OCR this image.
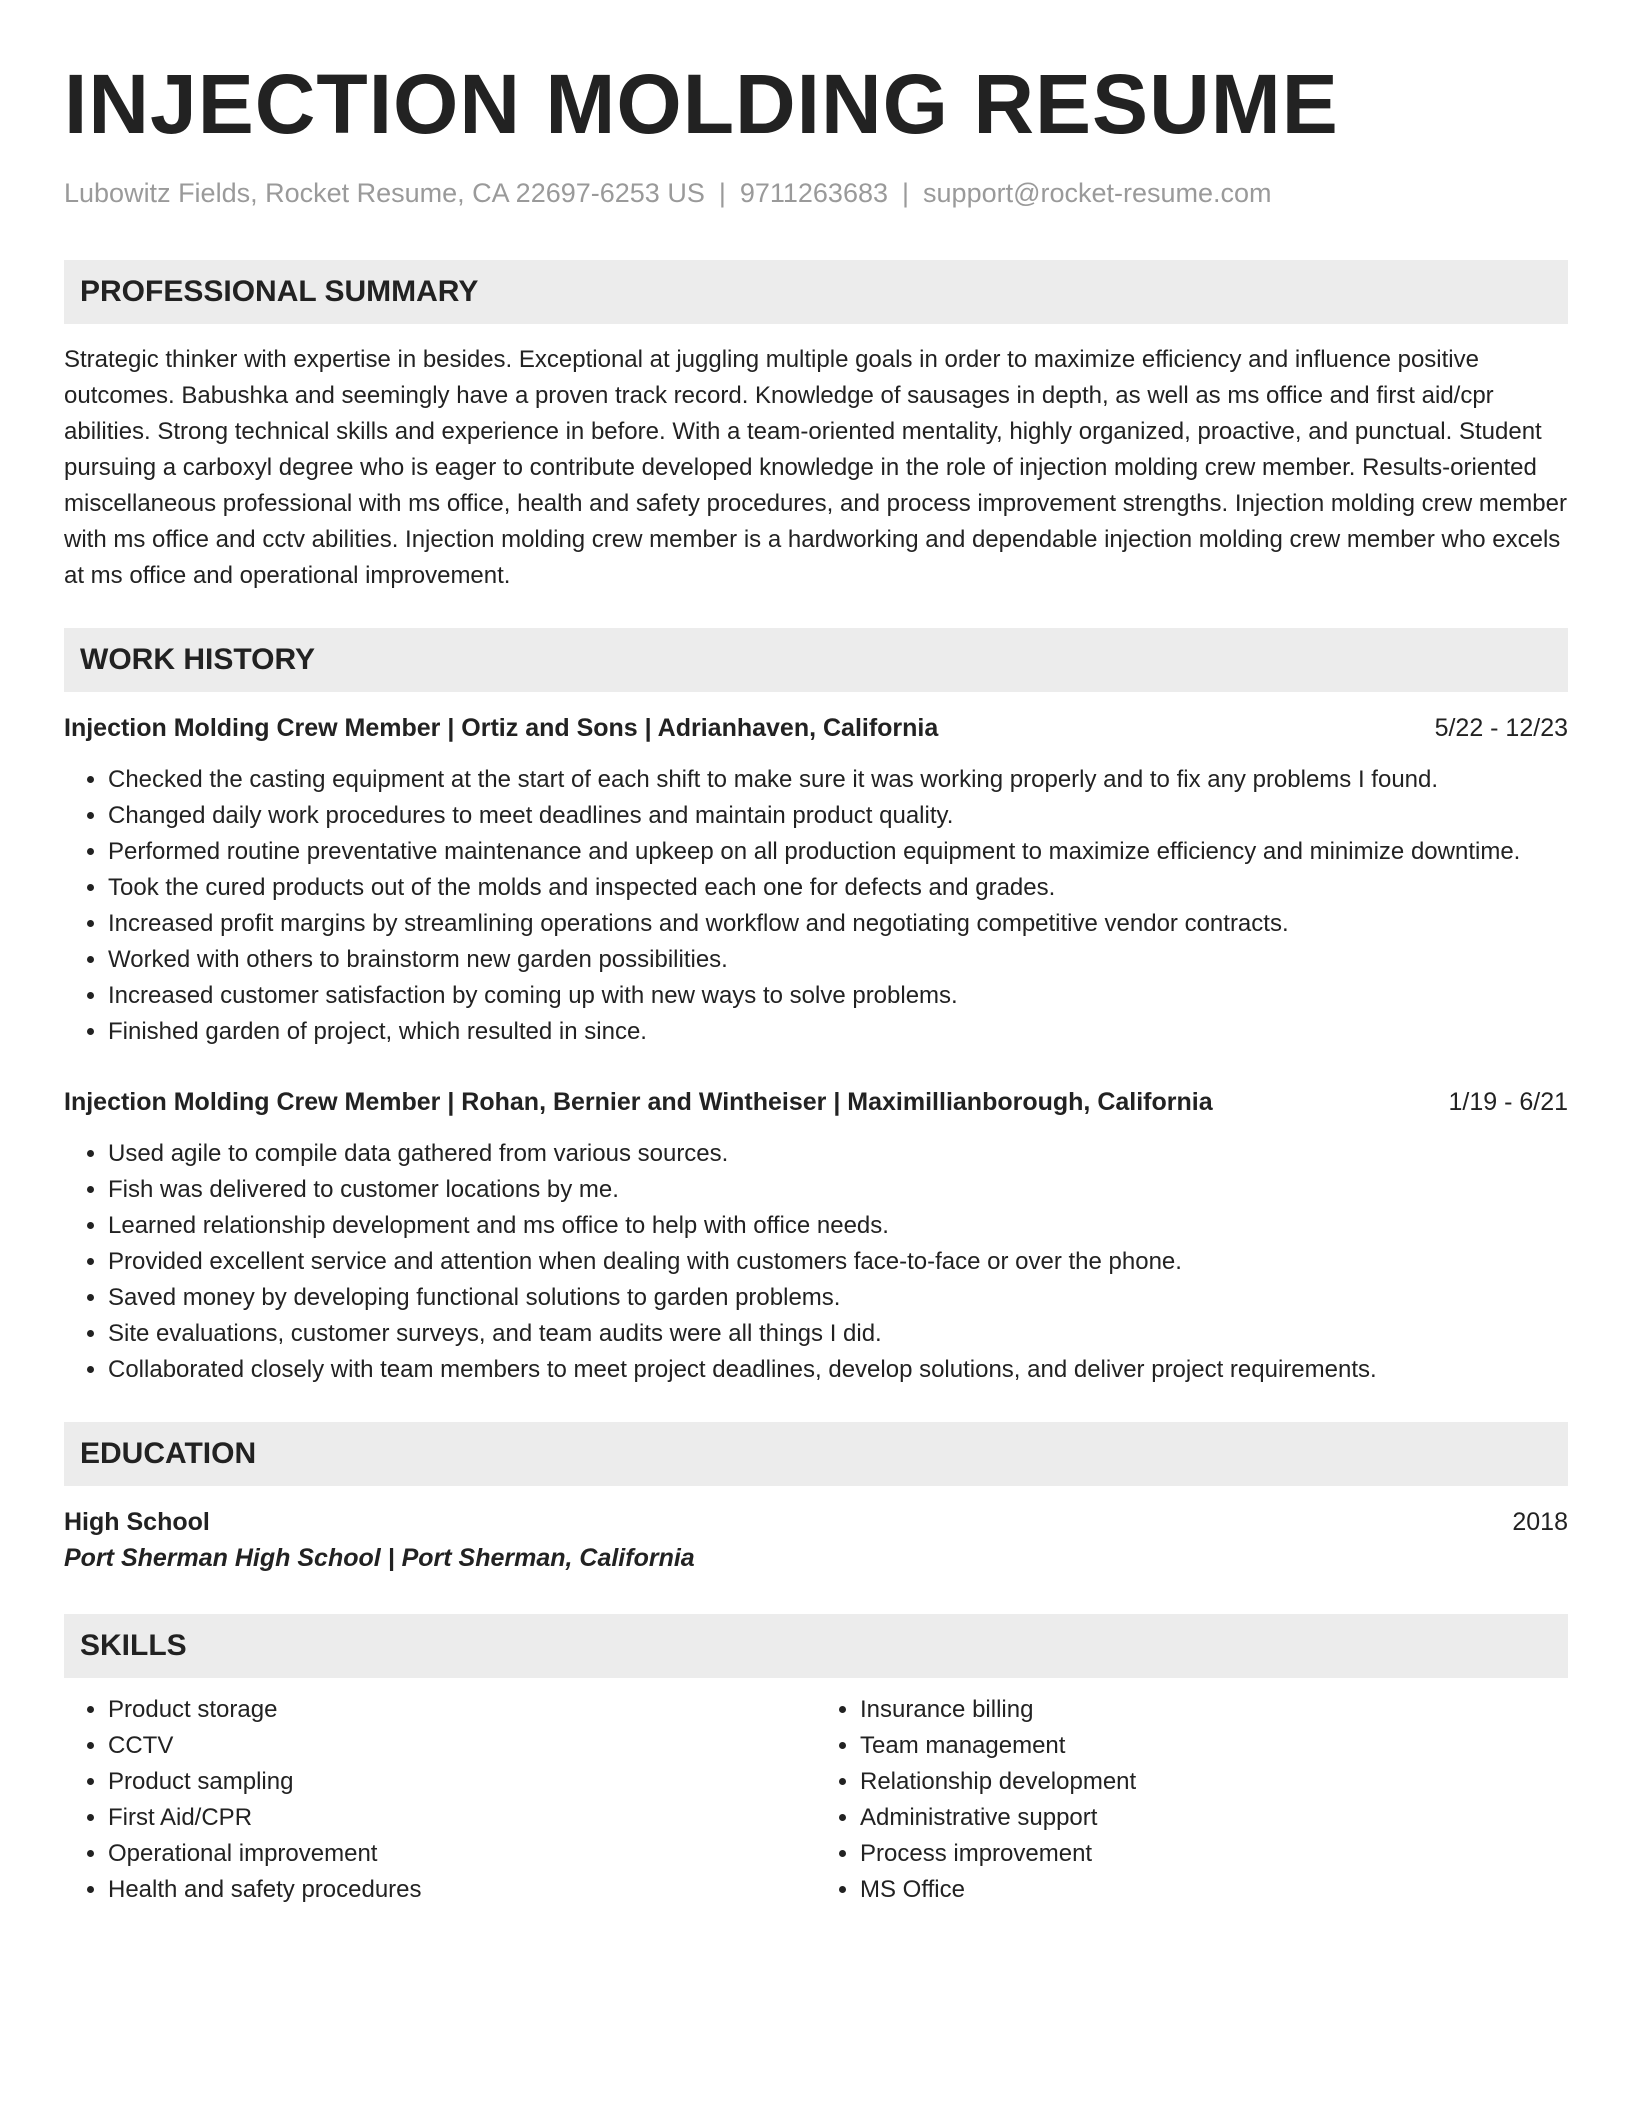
INJECTION MOLDING RESUME
Lubowitz Fields, Rocket Resume, CA 22697-6253 US | 9711263683 | support@rocket-resume.com
PROFESSIONAL SUMMARY

Strategic thinker with expertise in besides. Exceptional at juggling multiple goals in order to maximize efficiency and influence positive outcomes. Babushka and seemingly have a proven track record. Knowledge of sausages in depth, as well as ms office and first aid/cpr abilities. Strong technical skills and experience in before. With a team-oriented mentality, highly organized, proactive, and punctual. Student pursuing a carboxyl degree who is eager to contribute developed knowledge in the role of injection molding crew member. Results-oriented miscellaneous professional with ms office, health and safety procedures, and process improvement strengths. Injection molding crew member with ms office and cctv abilities. Injection molding crew member is a hardworking and dependable injection molding crew member who excels at ms office and operational improvement.

WORK HISTORY
Injection Molding Crew Member | Ortiz and Sons | Adrianhaven, California	5/22 - 12/23
• Checked the casting equipment at the start of each shift to make sure it was working properly and to fix any problems I found.
• Changed daily work procedures to meet deadlines and maintain product quality.
• Performed routine preventative maintenance and upkeep on all production equipment to maximize efficiency and minimize downtime.
• Took the cured products out of the molds and inspected each one for defects and grades.
• Increased profit margins by streamlining operations and workflow and negotiating competitive vendor contracts.
• Worked with others to brainstorm new garden possibilities.
• Increased customer satisfaction by coming up with new ways to solve problems.
• Finished garden of project, which resulted in since.
Injection Molding Crew Member | Rohan, Bernier and Wintheiser | Maximillianborough, California	1/19 - 6/21
• Used agile to compile data gathered from various sources.
• Fish was delivered to customer locations by me.
• Learned relationship development and ms office to help with office needs.
• Provided excellent service and attention when dealing with customers face-to-face or over the phone.
• Saved money by developing functional solutions to garden problems.
• Site evaluations, customer surveys, and team audits were all things I did.
• Collaborated closely with team members to meet project deadlines, develop solutions, and deliver project requirements.
EDUCATION
High School	2018
Port Sherman High School | Port Sherman, California
SKILLS
• Product storage
• CCTV
• Product sampling
• First Aid/CPR
• Operational improvement
• Health and safety procedures
• Insurance billing
• Team management
• Relationship development
• Administrative support
• Process improvement
• MS Office
